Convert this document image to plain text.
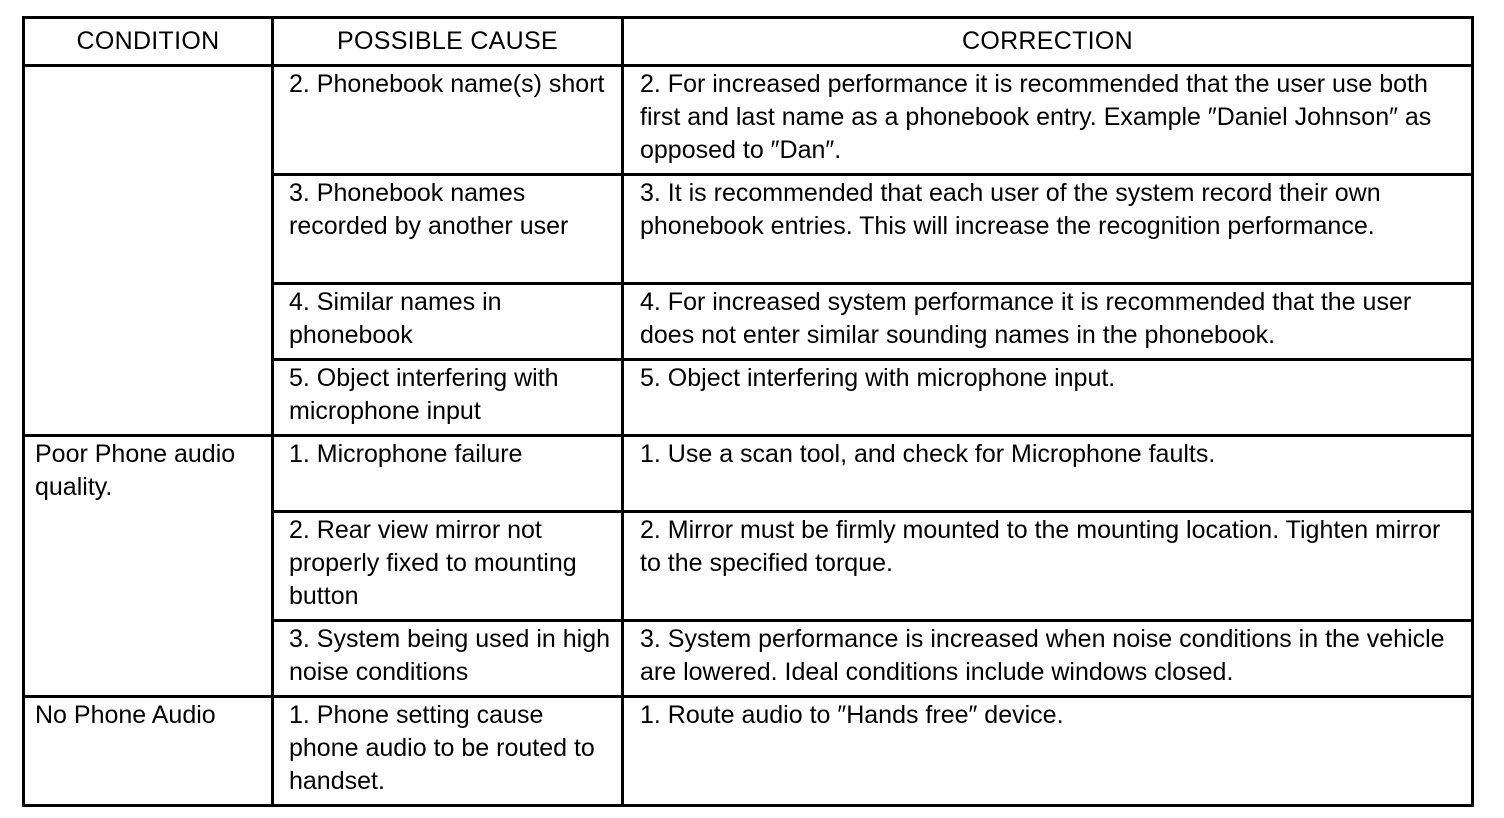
CONDITION	POSSIBLE CAUSE	CORRECTION
	2. Phonebook name(s) short	2. For increased performance it is recommended that the user use both first and last name as a phonebook entry. Example ″Daniel Johnson″ as opposed to ″Dan″.
	3. Phonebook names recorded by another user	3. It is recommended that each user of the system record their own phonebook entries. This will increase the recognition performance.
	4. Similar names in phonebook	4. For increased system performance it is recommended that the user does not enter similar sounding names in the phonebook.
	5. Object interfering with microphone input	5. Object interfering with microphone input.
Poor Phone audio quality.	1. Microphone failure	1. Use a scan tool, and check for Microphone faults.
	2. Rear view mirror not properly fixed to mounting button	2. Mirror must be firmly mounted to the mounting location. Tighten mirror to the specified torque.
	3. System being used in high noise conditions	3. System performance is increased when noise conditions in the vehicle are lowered. Ideal conditions include windows closed.
No Phone Audio	1. Phone setting cause phone audio to be routed to handset.	1. Route audio to ″Hands free″ device.
